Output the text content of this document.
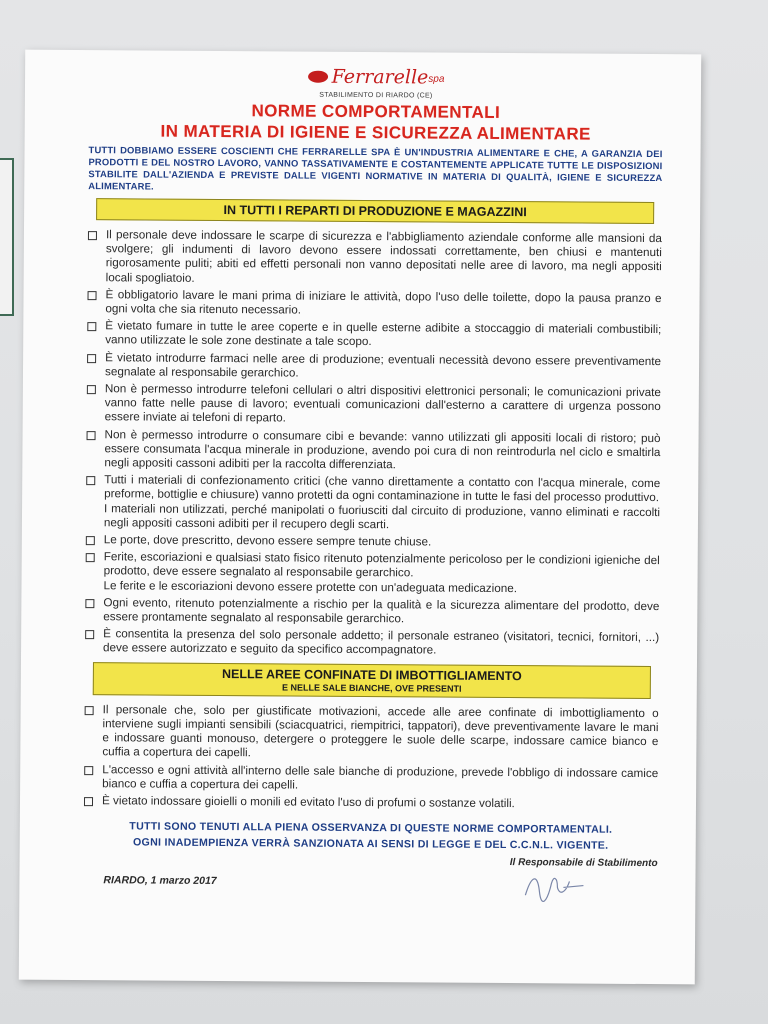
Ferrarellespa
STABILIMENTO DI RIARDO (CE)
NORME COMPORTAMENTALI
IN MATERIA DI IGIENE E SICUREZZA ALIMENTARE
TUTTI DOBBIAMO ESSERE COSCIENTI CHE FERRARELLE SPA È UN'INDUSTRIA ALIMENTARE E CHE, A GARANZIA DEI PRODOTTI E DEL NOSTRO LAVORO, VANNO TASSATIVAMENTE E COSTANTEMENTE APPLICATE TUTTE LE DISPOSIZIONI STABILITE DALL'AZIENDA E PREVISTE DALLE VIGENTI NORMATIVE IN MATERIA DI QUALITÀ, IGIENE E SICUREZZA ALIMENTARE.
IN TUTTI I REPARTI DI PRODUZIONE E MAGAZZINI
Il personale deve indossare le scarpe di sicurezza e l'abbigliamento aziendale conforme alle mansioni da svolgere; gli indumenti di lavoro devono essere indossati correttamente, ben chiusi e mantenuti rigorosamente puliti; abiti ed effetti personali non vanno depositati nelle aree di lavoro, ma negli appositi locali spogliatoio.
È obbligatorio lavare le mani prima di iniziare le attività, dopo l'uso delle toilette, dopo la pausa pranzo e ogni volta che sia ritenuto necessario.
È vietato fumare in tutte le aree coperte e in quelle esterne adibite a stoccaggio di materiali combustibili; vanno utilizzate le sole zone destinate a tale scopo.
È vietato introdurre farmaci nelle aree di produzione; eventuali necessità devono essere preventivamente segnalate al responsabile gerarchico.
Non è permesso introdurre telefoni cellulari o altri dispositivi elettronici personali; le comunicazioni private vanno fatte nelle pause di lavoro; eventuali comunicazioni dall'esterno a carattere di urgenza possono essere inviate ai telefoni di reparto.
Non è permesso introdurre o consumare cibi e bevande: vanno utilizzati gli appositi locali di ristoro; può essere consumata l'acqua minerale in produzione, avendo poi cura di non reintrodurla nel ciclo e smaltirla negli appositi cassoni adibiti per la raccolta differenziata.
Tutti i materiali di confezionamento critici (che vanno direttamente a contatto con l'acqua minerale, come preforme, bottiglie e chiusure) vanno protetti da ogni contaminazione in tutte le fasi del processo produttivo.
I materiali non utilizzati, perché manipolati o fuoriusciti dal circuito di produzione, vanno eliminati e raccolti negli appositi cassoni adibiti per il recupero degli scarti.
Le porte, dove prescritto, devono essere sempre tenute chiuse.
Ferite, escoriazioni e qualsiasi stato fisico ritenuto potenzialmente pericoloso per le condizioni igieniche del prodotto, deve essere segnalato al responsabile gerarchico.
Le ferite e le escoriazioni devono essere protette con un'adeguata medicazione.
Ogni evento, ritenuto potenzialmente a rischio per la qualità e la sicurezza alimentare del prodotto, deve essere prontamente segnalato al responsabile gerarchico.
È consentita la presenza del solo personale addetto; il personale estraneo (visitatori, tecnici, fornitori, ...) deve essere autorizzato e seguito da specifico accompagnatore.
NELLE AREE CONFINATE DI IMBOTTIGLIAMENTO
E NELLE SALE BIANCHE, OVE PRESENTI
Il personale che, solo per giustificate motivazioni, accede alle aree confinate di imbottigliamento o interviene sugli impianti sensibili (sciacquatrici, riempitrici, tappatori), deve preventivamente lavare le mani e indossare guanti monouso, detergere o proteggere le suole delle scarpe, indossare camice bianco e cuffia a copertura dei capelli.
L'accesso e ogni attività all'interno delle sale bianche di produzione, prevede l'obbligo di indossare camice bianco e cuffia a copertura dei capelli.
È vietato indossare gioielli o monili ed evitato l'uso di profumi o sostanze volatili.
TUTTI SONO TENUTI ALLA PIENA OSSERVANZA DI QUESTE NORME COMPORTAMENTALI.
OGNI INADEMPIENZA VERRÀ SANZIONATA AI SENSI DI LEGGE E DEL C.C.N.L. VIGENTE.
RIARDO, 1 marzo 2017
Il Responsabile di Stabilimento
